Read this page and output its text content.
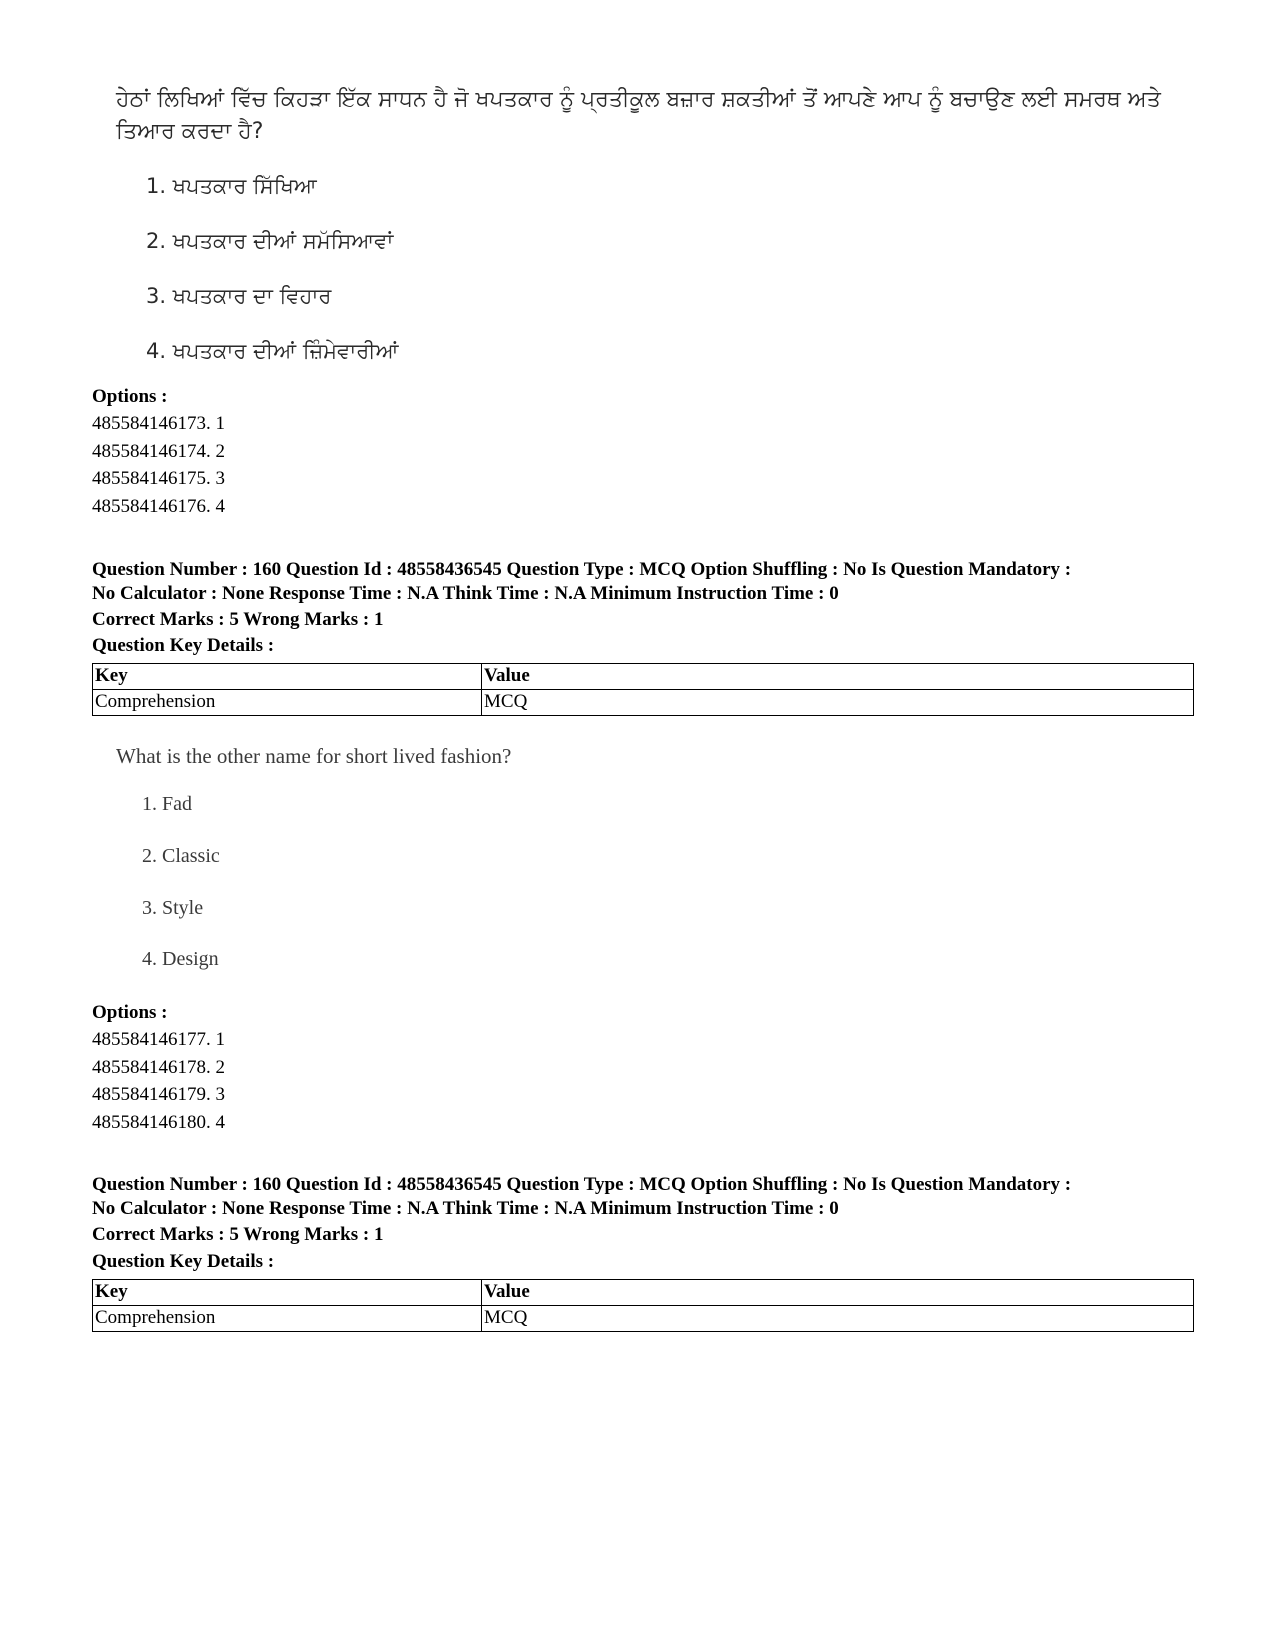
ਹੇਠਾਂ ਲਿਖਿਆਂ ਵਿੱਚ ਕਿਹੜਾ ਇੱਕ ਸਾਧਨ ਹੈ ਜੋ ਖਪਤਕਾਰ ਨੂੰ ਪ੍ਰਤੀਕੂਲ ਬਜ਼ਾਰ ਸ਼ਕਤੀਆਂ ਤੋਂ ਆਪਣੇ ਆਪ ਨੂੰ ਬਚਾਉਣ ਲਈ ਸਮਰਥ ਅਤੇ ਤਿਆਰ ਕਰਦਾ ਹੈ?

1. ਖਪਤਕਾਰ ਸਿੱਖਿਆ
2. ਖਪਤਕਾਰ ਦੀਆਂ ਸਮੱਸਿਆਵਾਂ
3. ਖਪਤਕਾਰ ਦਾ ਵਿਹਾਰ
4. ਖਪਤਕਾਰ ਦੀਆਂ ਜ਼ਿੰਮੇਵਾਰੀਆਂ
Options :
485584146173. 1
485584146174. 2
485584146175. 3
485584146176. 4
Question Number : 160 Question Id : 48558436545 Question Type : MCQ Option Shuffling : No Is Question Mandatory :
No Calculator : None Response Time : N.A Think Time : N.A Minimum Instruction Time : 0
Correct Marks : 5 Wrong Marks : 1
Question Key Details :
Key	Value
Comprehension	MCQ

What is the other name for short lived fashion?

1. Fad
2. Classic
3. Style
4. Design
Options :
485584146177. 1
485584146178. 2
485584146179. 3
485584146180. 4
Question Number : 160 Question Id : 48558436545 Question Type : MCQ Option Shuffling : No Is Question Mandatory :
No Calculator : None Response Time : N.A Think Time : N.A Minimum Instruction Time : 0
Correct Marks : 5 Wrong Marks : 1
Question Key Details :
Key	Value
Comprehension	MCQ
